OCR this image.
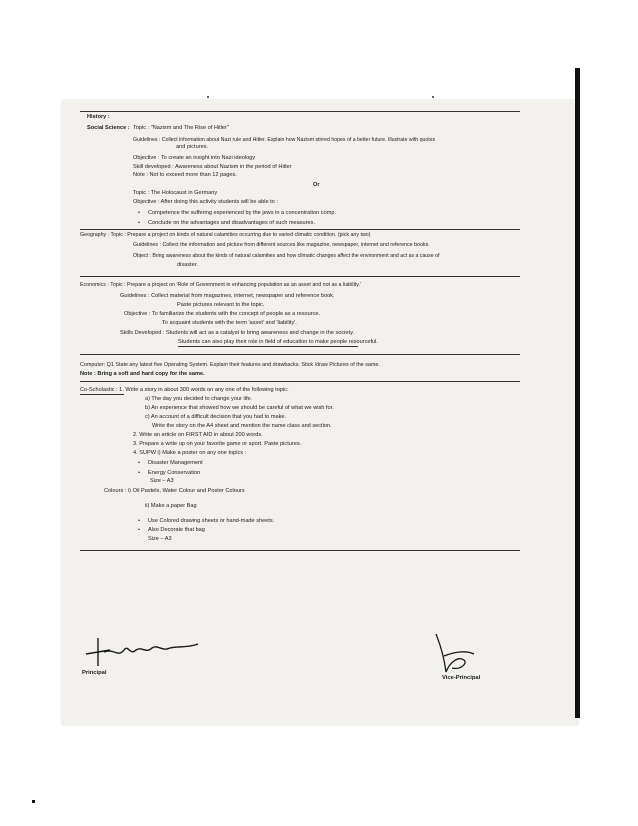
History :
Social Science : Topic : "Nazism and The Rise of Hitler"
Guidelines : Collect information about Nazi rule and Hitler. Explain how Nazism stirred hopes of a better future. Illustrate with quotes
and pictures.
Objective : To create an insight into Nazi ideology
Skill developed : Awareness about Nazism in the period of Hitler
Note : Not to exceed more than 12 pages.
Or
Topic : The Holocaust in Germany
Objective : After doing this activity students will be able to :
• Competence the suffering experienced by the jews in a concentration comp.
• Conclude on the advantages and disadvantages of such measures.
Geography : Topic : Prepare a project on kinds of natural calamities occurring due to varied climatic condition. (pick any two)
Guidelines : Collect the information and picture from different sources like magazine, newspaper, internet and reference books.
Object : Bring awareness about the kinds of natural calamities and how climatic changes affect the environment and act as a cause of
disaster.
Economics : Topic : Prepare a project on 'Role of Government in enhancing population as an asset and not as a liability.'
Guidelines : Collect material from magazines, internet, newspaper and reference book.
Paste pictures relevant to the topic.
Objective : To familiarize the students with the concept of people as a resource.
To acquaint students with the term 'asset' and 'liability'.
Skills Developed : Students will act as a catalyst to bring awareness and change in the society.
Students can also play their role in field of education to make people resourceful.
Computer: Q1 State any latest five Operating System. Explain their features and drawbacks. Stick /draw Pictures of the same.
Note : Bring a soft and hard copy for the same.
Co-Scholastic : 1. Write a story in about 300 words on any one of the following topic:
a) The day you decided to change your life.
b) An experience that showed how we should be careful of what we wish for.
c) An account of a difficult decision that you had to make.
Write the story on the A4 sheet and mention the name class and section.
2. Write an article on FIRST AID in about 200 words.
3. Prepare a write up on your favorite game or sport. Paste pictures.
4. SUPW i) Make a poster on any one topics :
• Disaster Management
• Energy Conservation
Size – A3
Colours : i) Oil Pastels, Water Colour and Poster Colours
ii) Make a paper Bag
• Use Colored drawing sheets or hand-made sheets.
• Also Decorate that bag
Size – A3
Principal
Vice-Principal
